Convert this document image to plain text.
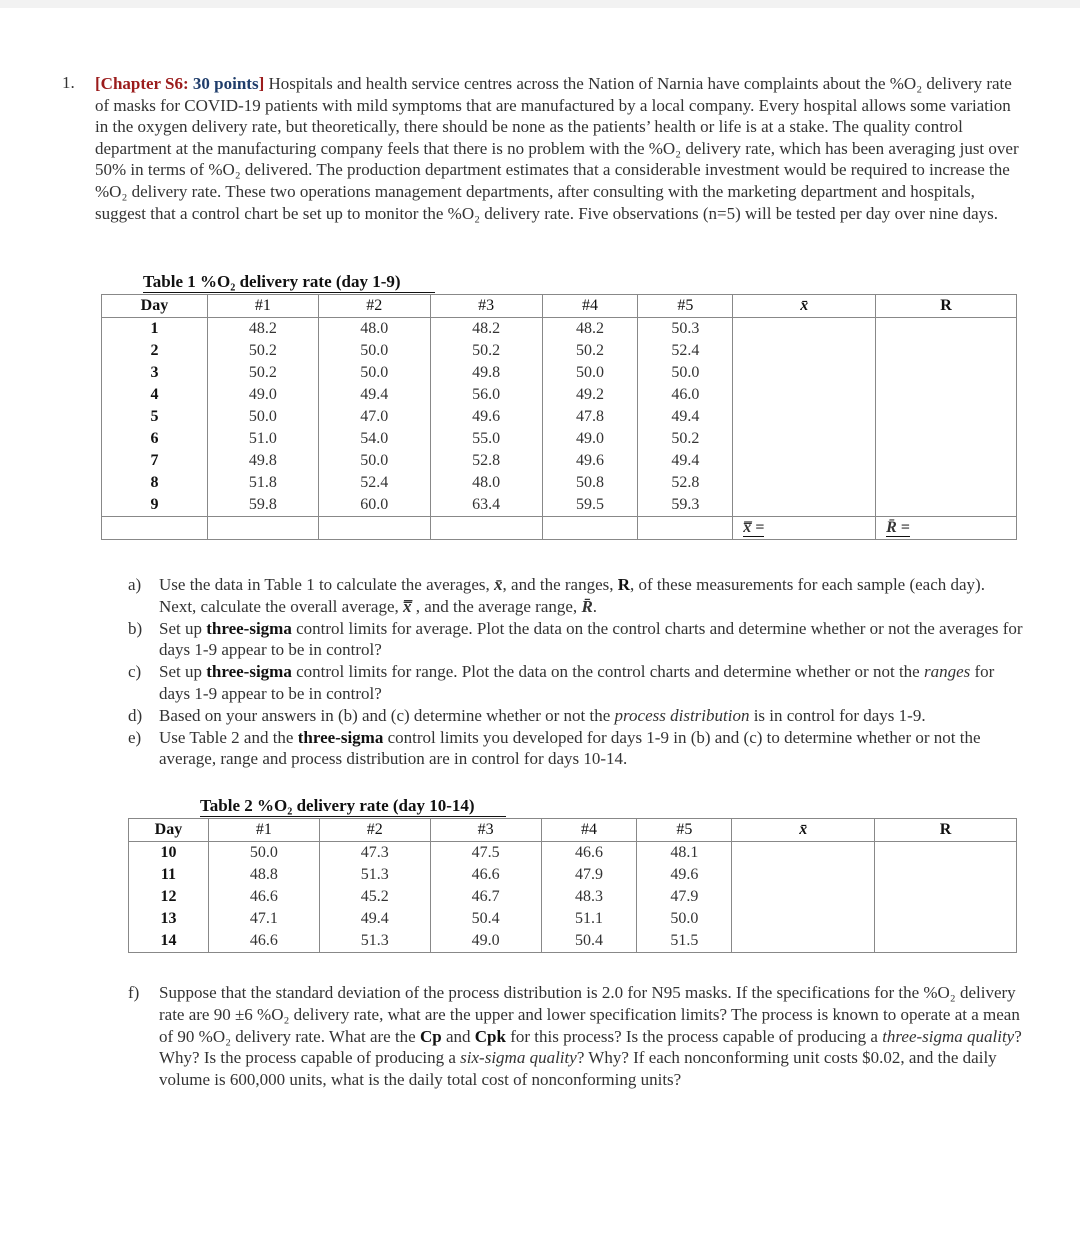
1. [Chapter S6: 30 points] Hospitals and health service centres across the Nation of Narnia have complaints about the %O₂ delivery rate of masks for COVID-19 patients with mild symptoms that are manufactured by a local company. Every hospital allows some variation in the oxygen delivery rate, but theoretically, there should be none as the patients’ health or life is at a stake. The quality control department at the manufacturing company feels that there is no problem with the %O₂ delivery rate, which has been averaging just over 50% in terms of %O₂ delivered. The production department estimates that a considerable investment would be required to increase the %O₂ delivery rate. These two operations management departments, after consulting with the marketing department and hospitals, suggest that a control chart be set up to monitor the %O₂ delivery rate. Five observations (n=5) will be tested per day over nine days.
Table 1 %O₂ delivery rate (day 1-9)
Day	#1	#2	#3	#4	#5	x̄	R
1	48.2	48.0	48.2	48.2	50.3		
2	50.2	50.0	50.2	50.2	52.4		
3	50.2	50.0	49.8	50.0	50.0		
4	49.0	49.4	56.0	49.2	46.0		
5	50.0	47.0	49.6	47.8	49.4		
6	51.0	54.0	55.0	49.0	50.2		
7	49.8	50.0	52.8	49.6	49.4		
8	51.8	52.4	48.0	50.8	52.8		
9	59.8	60.0	63.4	59.5	59.3		
						x̿ =	R̄ =
a) Use the data in Table 1 to calculate the averages, x̄, and the ranges, R, of these measurements for each sample (each day). Next, calculate the overall average, x̿ , and the average range, R̄.
b) Set up three-sigma control limits for average. Plot the data on the control charts and determine whether or not the averages for days 1-9 appear to be in control?
c) Set up three-sigma control limits for range. Plot the data on the control charts and determine whether or not the ranges for days 1-9 appear to be in control?
d) Based on your answers in (b) and (c) determine whether or not the process distribution is in control for days 1-9.
e) Use Table 2 and the three-sigma control limits you developed for days 1-9 in (b) and (c) to determine whether or not the average, range and process distribution are in control for days 10-14.
Table 2 %O₂ delivery rate (day 10-14)
Day	#1	#2	#3	#4	#5	x̄	R
10	50.0	47.3	47.5	46.6	48.1		
11	48.8	51.3	46.6	47.9	49.6		
12	46.6	45.2	46.7	48.3	47.9		
13	47.1	49.4	50.4	51.1	50.0		
14	46.6	51.3	49.0	50.4	51.5		
f) Suppose that the standard deviation of the process distribution is 2.0 for N95 masks. If the specifications for the %O₂ delivery rate are 90 ±6 %O₂ delivery rate, what are the upper and lower specification limits? The process is known to operate at a mean of 90 %O₂ delivery rate. What are the Cp and Cpk for this process? Is the process capable of producing a three-sigma quality? Why? Is the process capable of producing a six-sigma quality? Why? If each nonconforming unit costs $0.02, and the daily volume is 600,000 units, what is the daily total cost of nonconforming units?
